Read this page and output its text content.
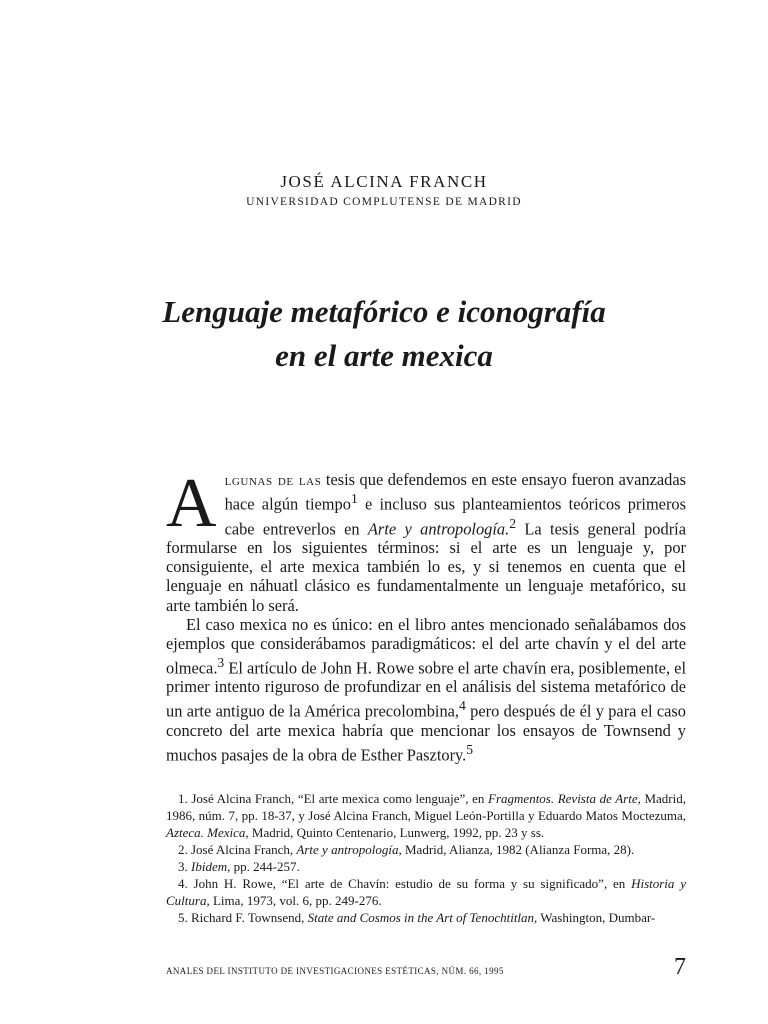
JOSÉ ALCINA FRANCH
UNIVERSIDAD COMPLUTENSE DE MADRID
Lenguaje metafórico e iconografía
en el arte mexica

Algunas de las tesis que defendemos en este ensayo fueron avanzadas hace algún tiempo$^1$ e incluso sus planteamientos teóricos primeros cabe entreverlos en Arte y antropología.$^2$ La tesis general podría formularse en los siguientes términos: si el arte es un lenguaje y, por consiguiente, el arte mexica también lo es, y si tenemos en cuenta que el lenguaje en náhuatl clásico es fundamentalmente un lenguaje metafórico, su arte también lo será.

El caso mexica no es único: en el libro antes mencionado señalábamos dos ejemplos que considerábamos paradigmáticos: el del arte chavín y el del arte olmeca.$^3$ El artículo de John H. Rowe sobre el arte chavín era, posiblemente, el primer intento riguroso de profundizar en el análisis del sistema metafórico de un arte antiguo de la América precolombina,$^4$ pero después de él y para el caso concreto del arte mexica habría que mencionar los ensayos de Townsend y muchos pasajes de la obra de Esther Pasztory.$^5$

1. José Alcina Franch, “El arte mexica como lenguaje”, en Fragmentos. Revista de Arte, Madrid, 1986, núm. 7, pp. 18-37, y José Alcina Franch, Miguel León-Portilla y Eduardo Matos Moctezuma, Azteca. Mexica, Madrid, Quinto Centenario, Lunwerg, 1992, pp. 23 y ss.

2. José Alcina Franch, Arte y antropología, Madrid, Alianza, 1982 (Alianza Forma, 28).

3. Ibidem, pp. 244-257.

4. John H. Rowe, “El arte de Chavín: estudio de su forma y su significado”, en Historia y Cultura, Lima, 1973, vol. 6, pp. 249-276.

5. Richard F. Townsend, State and Cosmos in the Art of Tenochtitlan, Washington, Dumbar-

ANALES DEL INSTITUTO DE INVESTIGACIONES ESTÉTICAS, NÚM. 66, 1995	7
